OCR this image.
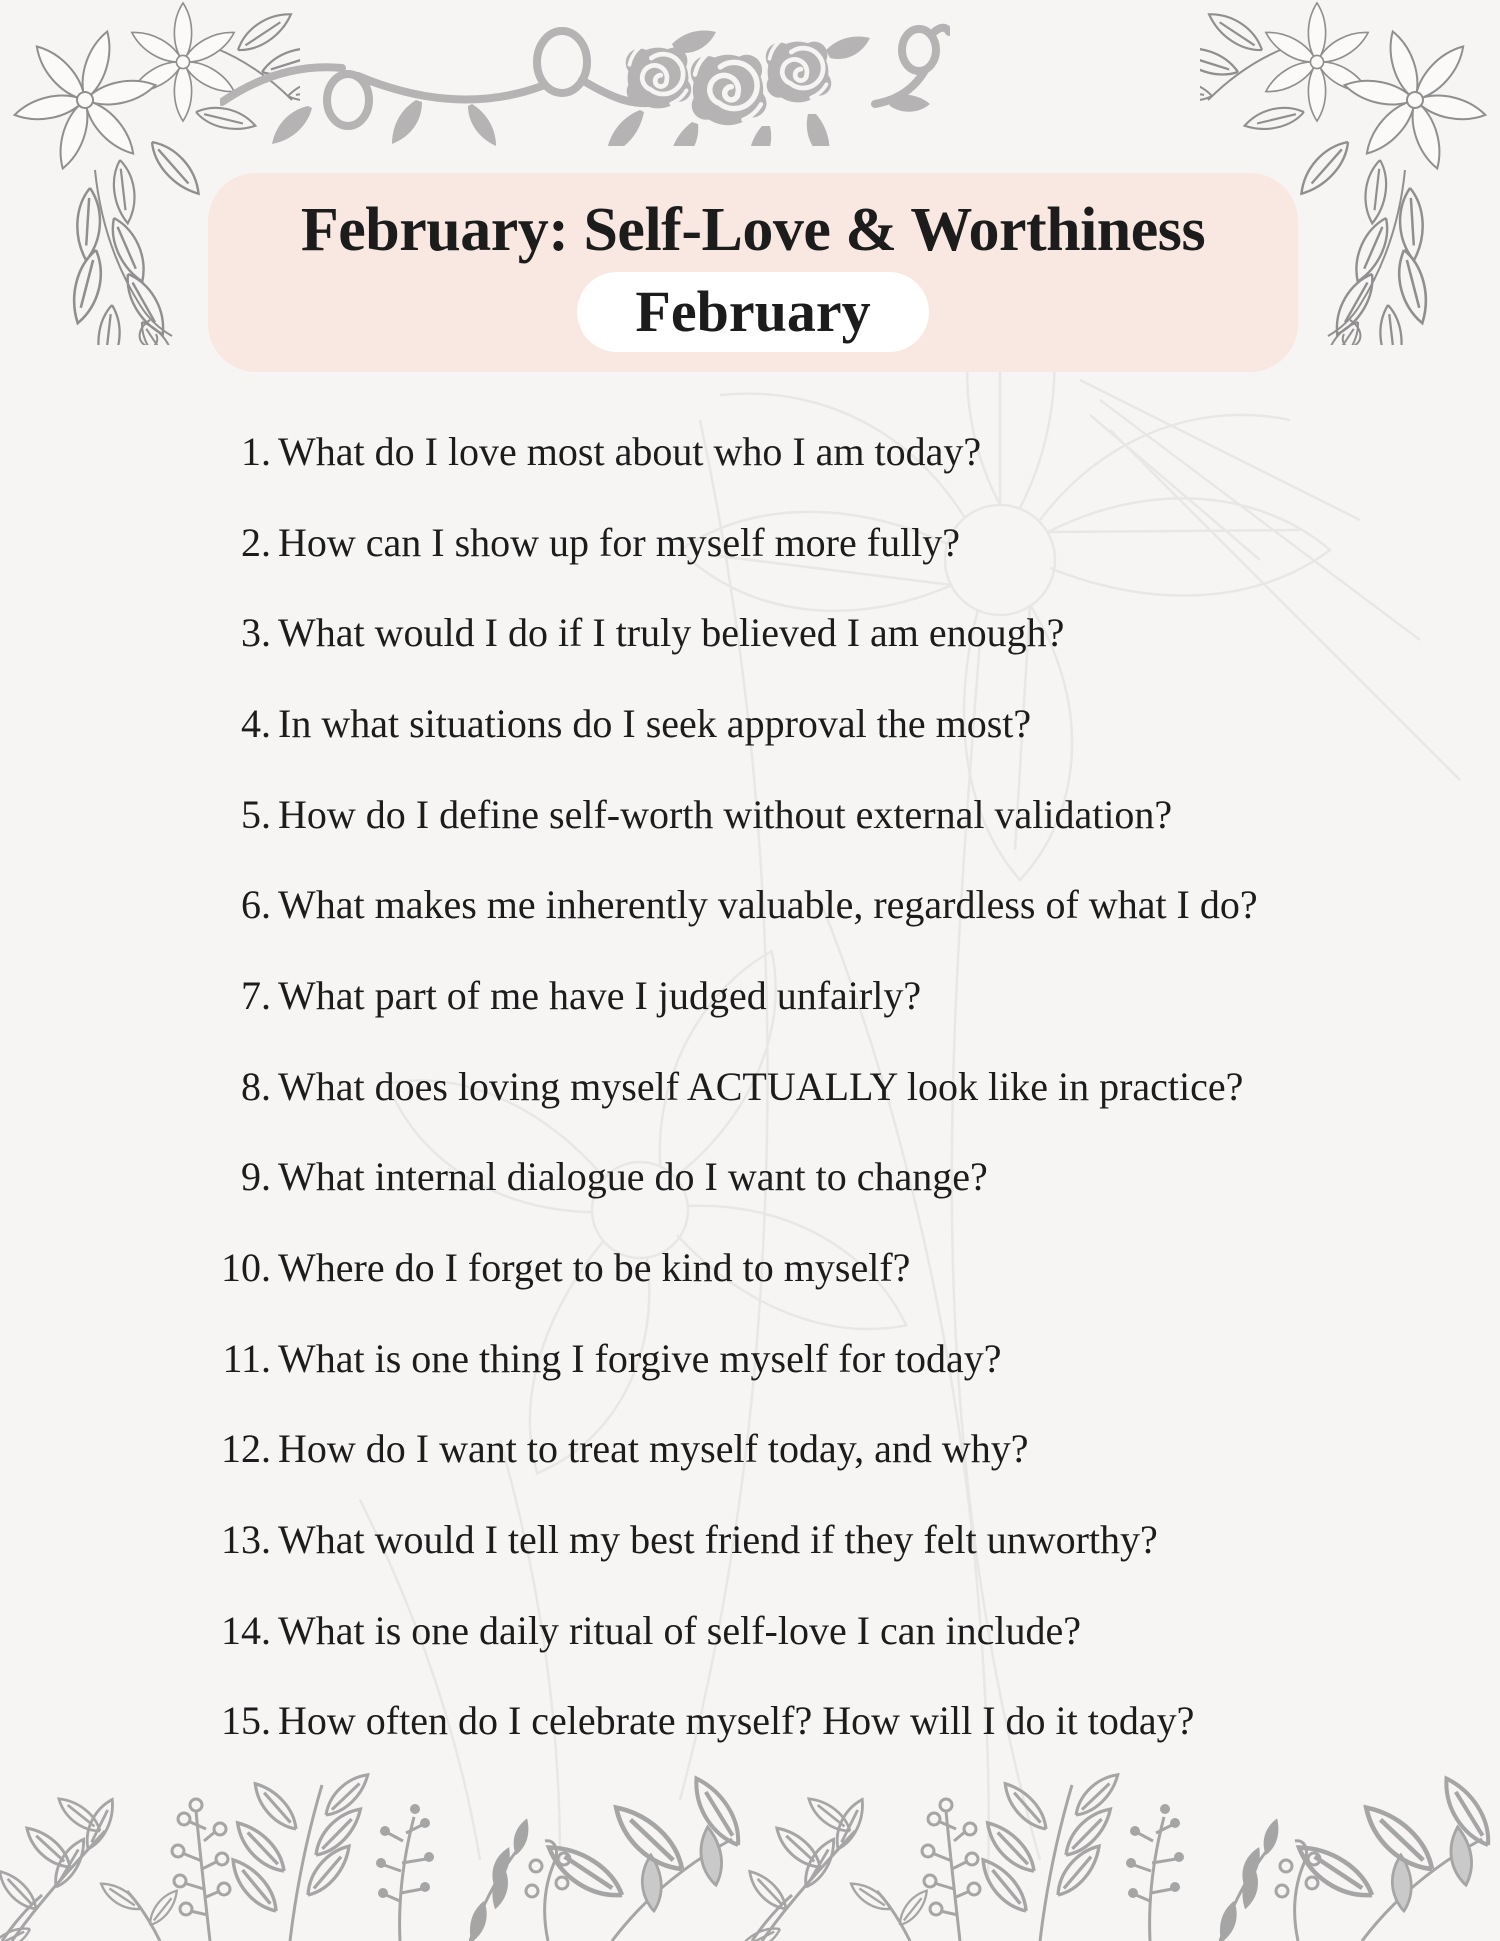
February: Self-Love & Worthiness
February
1. What do I love most about who I am today?
2. How can I show up for myself more fully?
3. What would I do if I truly believed I am enough?
4. In what situations do I seek approval the most?
5. How do I define self-worth without external validation?
6. What makes me inherently valuable, regardless of what I do?
7. What part of me have I judged unfairly?
8. What does loving myself ACTUALLY look like in practice?
9. What internal dialogue do I want to change?
10. Where do I forget to be kind to myself?
11. What is one thing I forgive myself for today?
12. How do I want to treat myself today, and why?
13. What would I tell my best friend if they felt unworthy?
14. What is one daily ritual of self-love I can include?
15. How often do I celebrate myself? How will I do it today?
